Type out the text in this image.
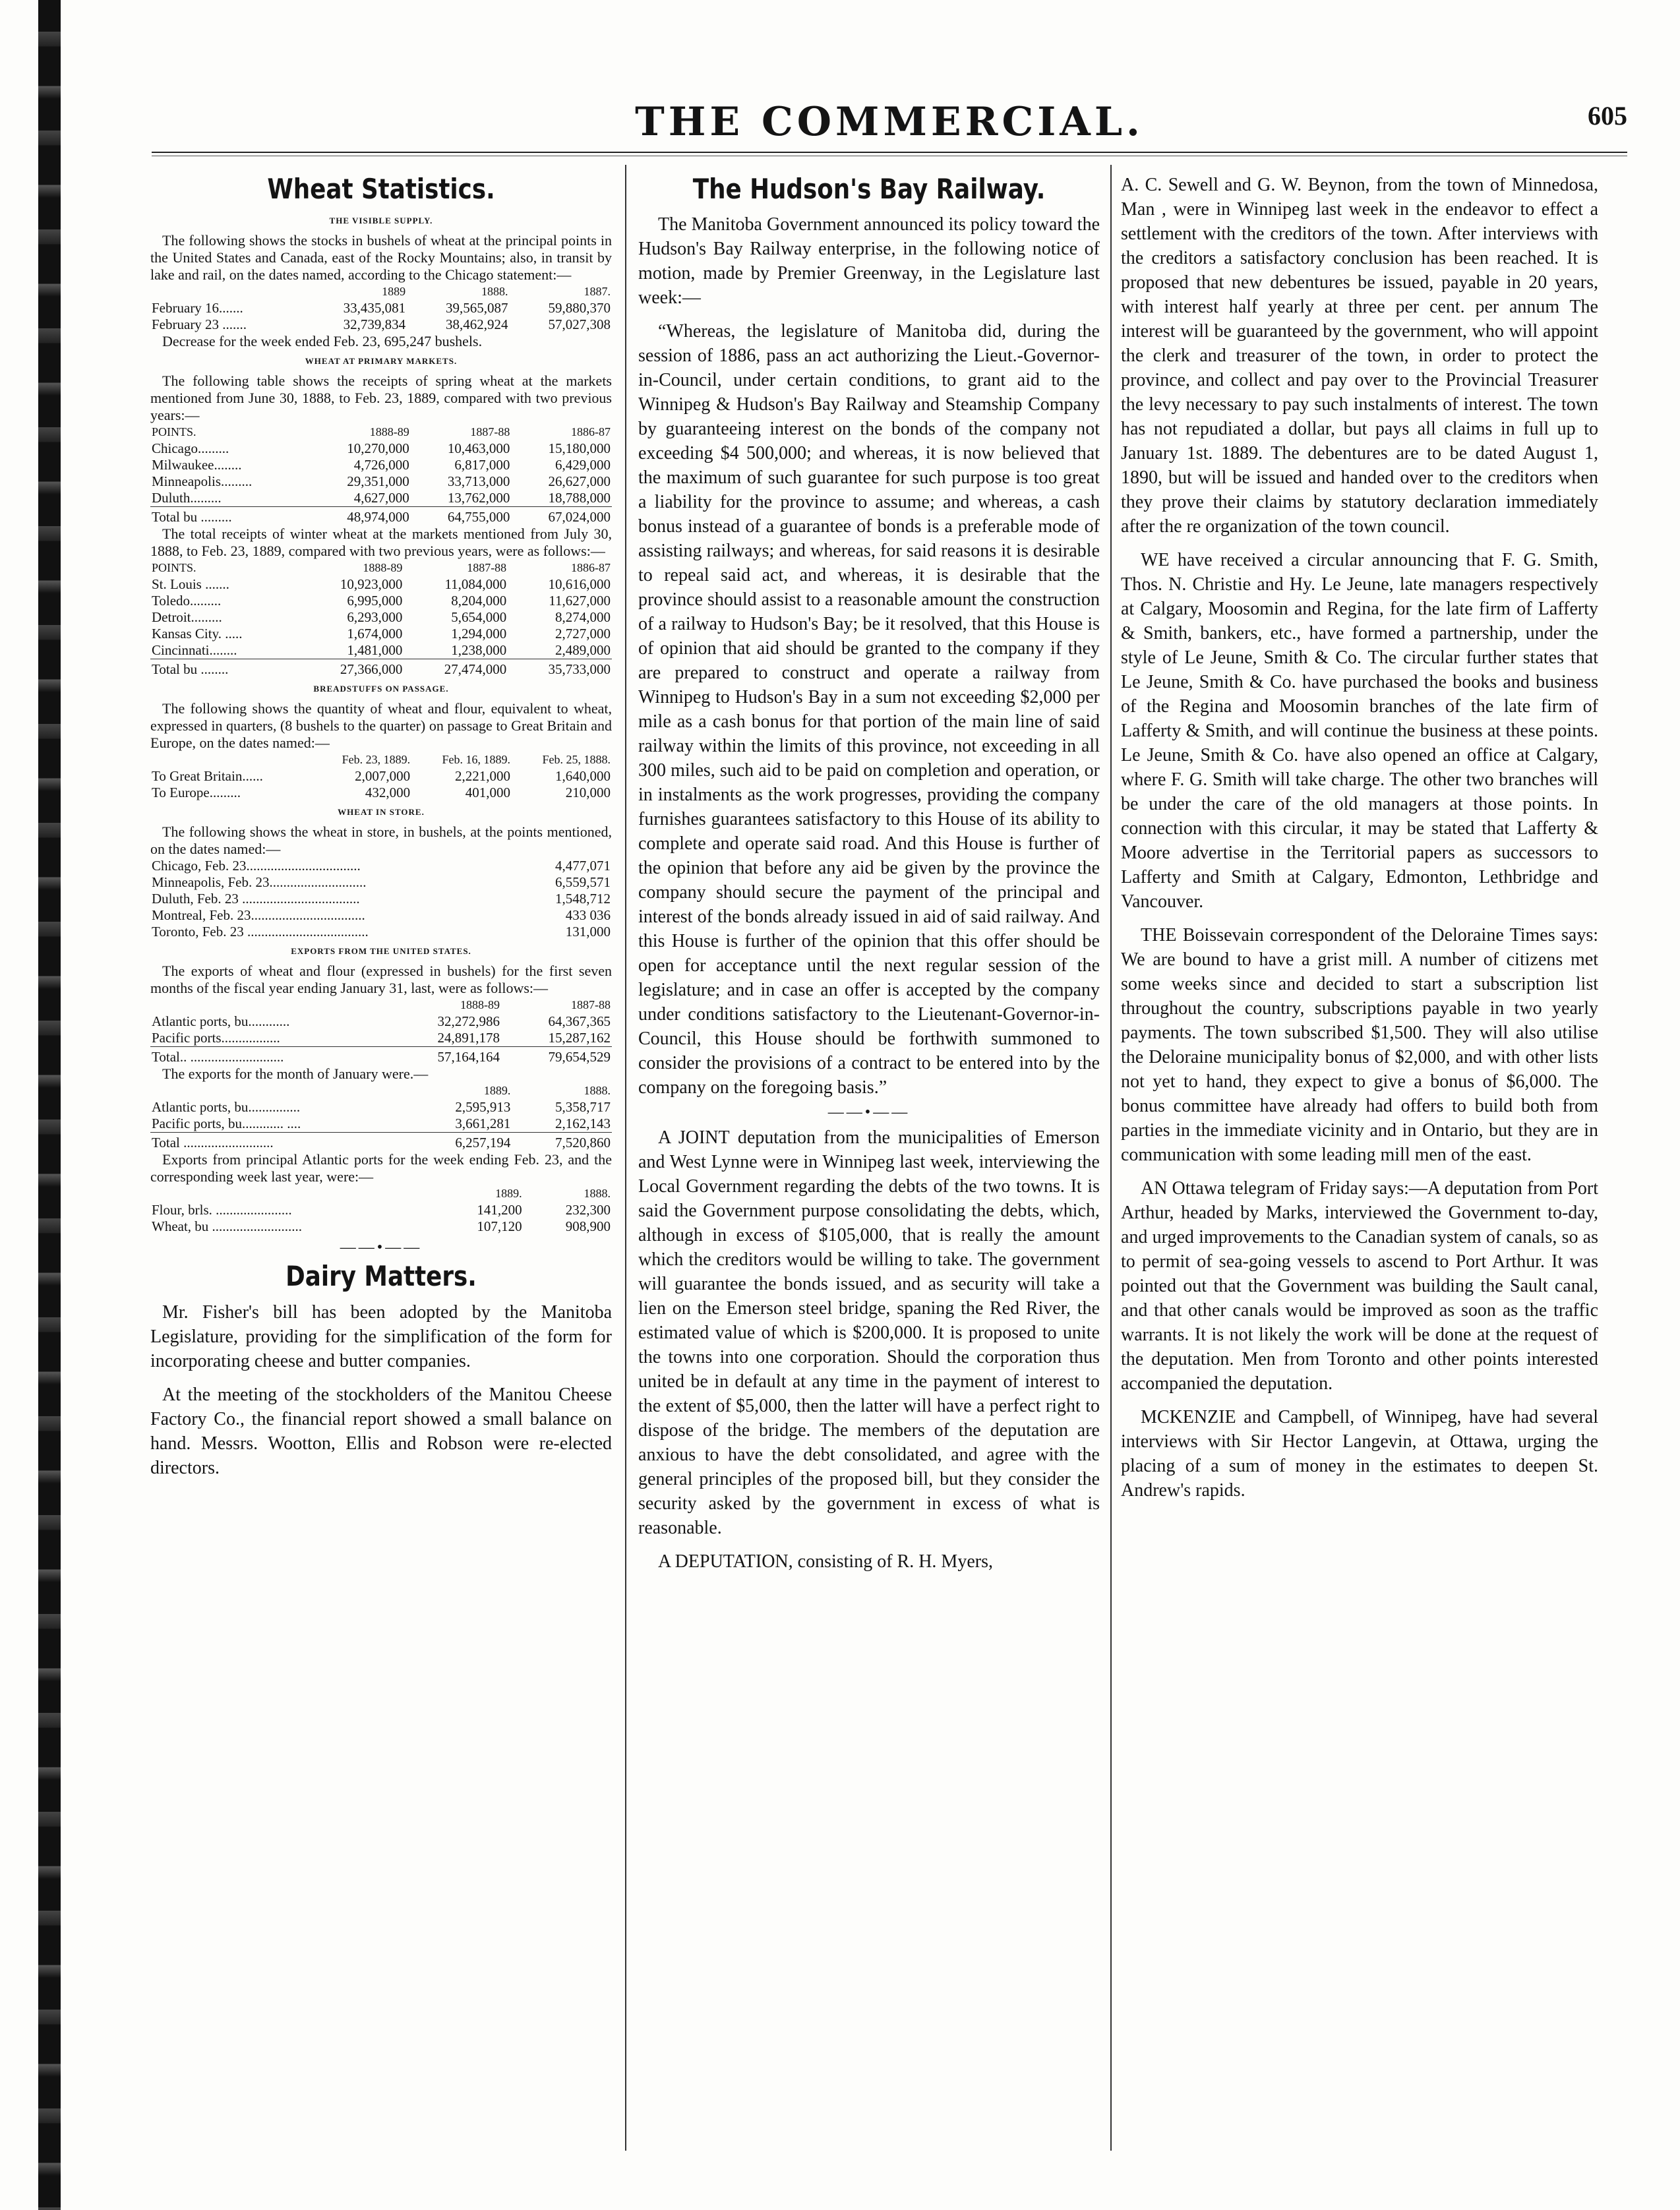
THE COMMERCIAL.	605
Wheat Statistics.
THE VISIBLE SUPPLY.

The following shows the stocks in bushels of wheat at the principal points in the United States and Canada, east of the Rocky Mountains; also, in transit by lake and rail, on the dates named, according to the Chicago statement:—

	1889	1888.	1887.
February 16.......	33,435,081	39,565,087	59,880,370
February 23 .......	32,739,834	38,462,924	57,027,308
Decrease for the week ended Feb. 23, 695,247 bushels.
WHEAT AT PRIMARY MARKETS.

The following table shows the receipts of spring wheat at the markets mentioned from June 30, 1888, to Feb. 23, 1889, compared with two previous years:—

POINTS.	1888-89	1887-88	1886-87
Chicago.........	10,270,000	10,463,000	15,180,000
Milwaukee........	4,726,000	6,817,000	6,429,000
Minneapolis.........	29,351,000	33,713,000	26,627,000
Duluth.........	4,627,000	13,762,000	18,788,000
Total bu .........	48,974,000	64,755,000	67,024,000

The total receipts of winter wheat at the markets mentioned from July 30, 1888, to Feb. 23, 1889, compared with two previous years, were as follows:—

POINTS.	1888-89	1887-88	1886-87
St. Louis .......	10,923,000	11,084,000	10,616,000
Toledo.........	6,995,000	8,204,000	11,627,000
Detroit.........	6,293,000	5,654,000	8,274,000
Kansas City. .....	1,674,000	1,294,000	2,727,000
Cincinnati........	1,481,000	1,238,000	2,489,000
Total bu ........	27,366,000	27,474,000	35,733,000
BREADSTUFFS ON PASSAGE.

The following shows the quantity of wheat and flour, equivalent to wheat, expressed in quarters, (8 bushels to the quarter) on passage to Great Britain and Europe, on the dates named:—

	Feb. 23, 1889.	Feb. 16, 1889.	Feb. 25, 1888.
To Great Britain......	2,007,000	2,221,000	1,640,000
To Europe.........	432,000	401,000	210,000
WHEAT IN STORE.

The following shows the wheat in store, in bushels, at the points mentioned, on the dates named:—

Chicago, Feb. 23.................................	4,477,071
Minneapolis, Feb. 23............................	6,559,571
Duluth, Feb. 23 ..................................	1,548,712
Montreal, Feb. 23.................................	433 036
Toronto, Feb. 23 ...................................	131,000
EXPORTS FROM THE UNITED STATES.

The exports of wheat and flour (expressed in bushels) for the first seven months of the fiscal year ending January 31, last, were as follows:—

	1888-89	1887-88
Atlantic ports, bu............	32,272,986	64,367,365
Pacific ports.................	24,891,178	15,287,162
Total.. ...........................	57,164,164	79,654,529
The exports for the month of January were.—
	1889.	1888.
Atlantic ports, bu...............	2,595,913	5,358,717
Pacific ports, bu............ ....	3,661,281	2,162,143
Total ..........................	6,257,194	7,520,860

Exports from principal Atlantic ports for the week ending Feb. 23, and the corresponding week last year, were:—

	1889.	1888.
Flour, brls. ......................	141,200	232,300
Wheat, bu ..........................	107,120	908,900
——•——
Dairy Matters.

Mr. Fisher's bill has been adopted by the Manitoba Legislature, providing for the simplification of the form for incorporating cheese and butter companies.

At the meeting of the stockholders of the Manitou Cheese Factory Co., the financial report showed a small balance on hand. Messrs. Wootton, Ellis and Robson were re-elected directors.

The Hudson's Bay Railway.

The Manitoba Government announced its policy toward the Hudson's Bay Railway enterprise, in the following notice of motion, made by Premier Greenway, in the Legislature last week:—

“Whereas, the legislature of Manitoba did, during the session of 1886, pass an act authorizing the Lieut.-Governor-in-Council, under certain conditions, to grant aid to the Winnipeg & Hudson's Bay Railway and Steamship Company by guaranteeing interest on the bonds of the company not exceeding $4 500,000; and whereas, it is now believed that the maximum of such guarantee for such purpose is too great a liability for the province to assume; and whereas, a cash bonus instead of a guarantee of bonds is a preferable mode of assisting railways; and whereas, for said reasons it is desirable to repeal said act, and whereas, it is desirable that the province should assist to a reasonable amount the construction of a railway to Hudson's Bay; be it resolved, that this House is of opinion that aid should be granted to the company if they are prepared to construct and operate a railway from Winnipeg to Hudson's Bay in a sum not exceeding $2,000 per mile as a cash bonus for that portion of the main line of said railway within the limits of this province, not exceeding in all 300 miles, such aid to be paid on completion and operation, or in instalments as the work progresses, providing the company furnishes guarantees satisfactory to this House of its ability to complete and operate said road. And this House is further of the opinion that before any aid be given by the province the company should secure the payment of the principal and interest of the bonds already issued in aid of said railway. And this House is further of the opinion that this offer should be open for acceptance until the next regular session of the legislature; and in case an offer is accepted by the company under conditions satisfactory to the Lieutenant-Governor-in-Council, this House should be forthwith summoned to consider the provisions of a contract to be entered into by the company on the foregoing basis.”

——•——

A JOINT deputation from the municipalities of Emerson and West Lynne were in Winnipeg last week, interviewing the Local Government regarding the debts of the two towns. It is said the Government purpose consolidating the debts, which, although in excess of $105,000, that is really the amount which the creditors would be willing to take. The government will guarantee the bonds issued, and as security will take a lien on the Emerson steel bridge, spaning the Red River, the estimated value of which is $200,000. It is proposed to unite the towns into one corporation. Should the corporation thus united be in default at any time in the payment of interest to the extent of $5,000, then the latter will have a perfect right to dispose of the bridge. The members of the deputation are anxious to have the debt consolidated, and agree with the general principles of the proposed bill, but they consider the security asked by the government in excess of what is reasonable.

A DEPUTATION, consisting of R. H. Myers,

A. C. Sewell and G. W. Beynon, from the town of Minnedosa, Man , were in Winnipeg last week in the endeavor to effect a settlement with the creditors of the town. After interviews with the creditors a satisfactory conclusion has been reached. It is proposed that new debentures be issued, payable in 20 years, with interest half yearly at three per cent. per annum The interest will be guaranteed by the government, who will appoint the clerk and treasurer of the town, in order to protect the province, and collect and pay over to the Provincial Treasurer the levy necessary to pay such instalments of interest. The town has not repudiated a dollar, but pays all claims in full up to January 1st. 1889. The debentures are to be dated August 1, 1890, but will be issued and handed over to the creditors when they prove their claims by statutory declaration immediately after the re organization of the town council.

WE have received a circular announcing that F. G. Smith, Thos. N. Christie and Hy. Le Jeune, late managers respectively at Calgary, Moosomin and Regina, for the late firm of Lafferty & Smith, bankers, etc., have formed a partnership, under the style of Le Jeune, Smith & Co. The circular further states that Le Jeune, Smith & Co. have purchased the books and business of the Regina and Moosomin branches of the late firm of Lafferty & Smith, and will continue the business at these points. Le Jeune, Smith & Co. have also opened an office at Calgary, where F. G. Smith will take charge. The other two branches will be under the care of the old managers at those points. In connection with this circular, it may be stated that Lafferty & Moore advertise in the Territorial papers as successors to Lafferty and Smith at Calgary, Edmonton, Lethbridge and Vancouver.

THE Boissevain correspondent of the Deloraine Times says: We are bound to have a grist mill. A number of citizens met some weeks since and decided to start a subscription list throughout the country, subscriptions payable in two yearly payments. The town subscribed $1,500. They will also utilise the Deloraine municipality bonus of $2,000, and with other lists not yet to hand, they expect to give a bonus of $6,000. The bonus committee have already had offers to build both from parties in the immediate vicinity and in Ontario, but they are in communication with some leading mill men of the east.

AN Ottawa telegram of Friday says:—A deputation from Port Arthur, headed by Marks, interviewed the Government to-day, and urged improvements to the Canadian system of canals, so as to permit of sea-going vessels to ascend to Port Arthur. It was pointed out that the Government was building the Sault canal, and that other canals would be improved as soon as the traffic warrants. It is not likely the work will be done at the request of the deputation. Men from Toronto and other points interested accompanied the deputation.

MCKENZIE and Campbell, of Winnipeg, have had several interviews with Sir Hector Langevin, at Ottawa, urging the placing of a sum of money in the estimates to deepen St. Andrew's rapids.
